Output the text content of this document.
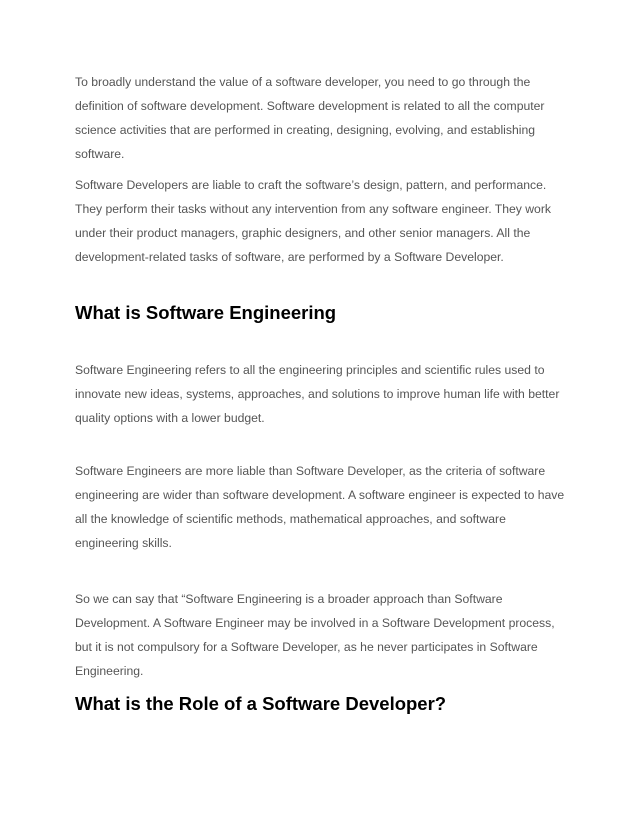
To broadly understand the value of a software developer, you need to go through the definition of software development. Software development is related to all the computer science activities that are performed in creating, designing, evolving, and establishing software.

Software Developers are liable to craft the software’s design, pattern, and performance. They perform their tasks without any intervention from any software engineer. They work under their product managers, graphic designers, and other senior managers. All the development-related tasks of software, are performed by a Software Developer.

What is Software Engineering

Software Engineering refers to all the engineering principles and scientific rules used to innovate new ideas, systems, approaches, and solutions to improve human life with better quality options with a lower budget.

Software Engineers are more liable than Software Developer, as the criteria of software engineering are wider than software development. A software engineer is expected to have all the knowledge of scientific methods, mathematical approaches, and software engineering skills.

So we can say that “Software Engineering is a broader approach than Software Development. A Software Engineer may be involved in a Software Development process, but it is not compulsory for a Software Developer, as he never participates in Software Engineering.

What is the Role of a Software Developer?
